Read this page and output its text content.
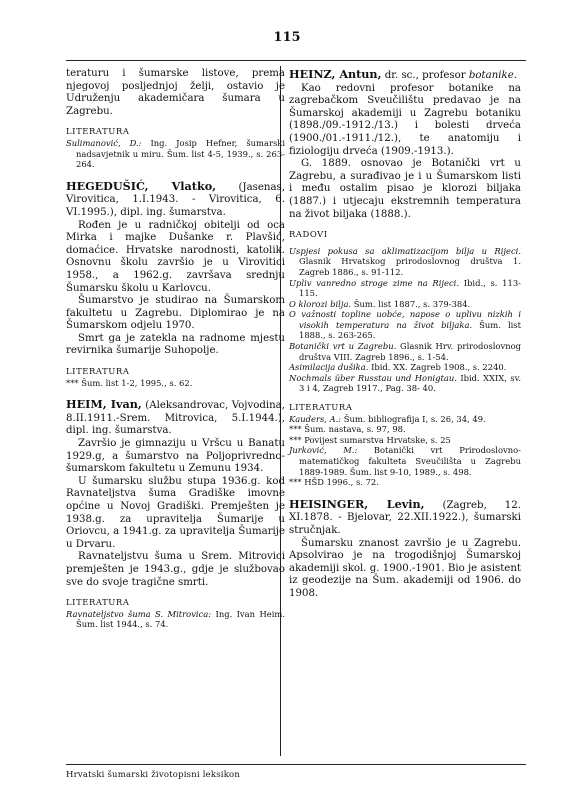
115

teraturu i šumarske listove, prema njegovoj posljednjoj želji, ostavio je Udruženju akademičara šumara u Zagrebu.

LITERATURA

Sulimanović, D.: Ing. Josip Hefner, šumarski nadsavjetnik u miru. Šum. list 4-5, 1939., s. 263-264.

HEGEDUŠIĆ, Vlatko, (Jasenas, Virovitica, 1.I.1943. - Virovitica, 6. VI.1995.), dipl. ing. šumarstva.

Rođen je u radničkoj obitelji od oca Mirka i majke Dušanke r. Plavšić, domaćice. Hrvatske narodnosti, katolik. Osnovnu školu završio je u Virovitici 1958., a 1962.g. završava srednju Šumarsku školu u Karlovcu.

Šumarstvo je studirao na Šumarskom fakultetu u Zagrebu. Diplomirao je na Šumarskom odjelu 1970.

Smrt ga je zatekla na radnome mjestu revirnika šumarije Suhopolje.

LITERATURA

*** Šum. list 1-2, 1995., s. 62.

HEIM, Ivan, (Aleksandrovac, Vojvodina, 8.II.1911.-Srem. Mitrovica, 5.I.1944.), dipl. ing. šumarstva.

Završio je gimnaziju u Vršcu u Banatu 1929.g, a šumarstvo na Poljoprivredno-šumarskom fakultetu u Zemunu 1934.

U šumarsku službu stupa 1936.g. kod Ravnateljstva šuma Gradiške imovne općine u Novoj Gradiški. Premješten je 1938.g. za upravitelja Šumarije u Oriovcu, a 1941.g. za upravitelja Šumarije u Drvaru.

Ravnateljstvu šuma u Srem. Mitrovici premješten je 1943.g., gdje je službovao sve do svoje tragične smrti.

LITERATURA

Ravnateljstvo šuma S. Mitrovica: Ing. Ivan Heim. Šum. list 1944., s. 74.

HEINZ, Antun, dr. sc., profesor botanike.

Kao redovni profesor botanike na zagrebačkom Sveučilištu predavao je na Šumarskoj akademiji u Zagrebu botaniku (1898./09.-1912./13.) i bolesti drveća (1900./01.-1911./12.), te anatomiju i fiziologiju drveća (1909.-1913.).

G. 1889. osnovao je Botanički vrt u Zagrebu, a surađivao je i u Šumarskom listi i među ostalim pisao je klorozi biljaka (1887.) i utjecaju ekstremnih temperatura na život biljaka (1888.).

RADOVI

Uspjesi pokusa sa aklimatizacijom bilja u Rijeci. Glasnik Hrvatskog prirodoslovnog društva 1. Zagreb 1886., s. 91-112.

Upliv vanredno stroge zime na Rijeci. Ibid., s. 113-115.

O klorozi bilja. Šum. list 1887., s. 379-384.

O važnosti topline uobće, napose o uplivu nizkih i visokih temperatura na život biljaka. Šum. list 1888., s. 263-265.

Botanički vrt u Zagrebu. Glasnik Hrv. prirodoslovnog društva VIII. Zagreb 1896., s. 1-54.

Asimilacija dušika. Ibid. XX. Zagreb 1908., s. 2240.

Nochmals über Russtau und Honigtau. Ibid. XXIX, sv. 3 i 4, Zagreb 1917., Pag. 38- 40.

LITERATURA

Kauders, A.: Šum. bibliografija I, s. 26, 34, 49.

*** Šum. nastava, s. 97, 98.

*** Povijest sumarstva Hrvatske, s. 25

Jurković, M.: Botanički vrt Prirodoslovno-matematičkog fakulteta Sveučilišta u Zagrebu 1889-1989. Šum. list 9-10, 1989., s. 498.

*** HŠD 1996., s. 72.

HEISINGER, Levin, (Zagreb, 12. XI.1878. - Bjelovar, 22.XII.1922.), šumarski stručnjak.

Šumarsku znanost završio je u Zagrebu. Apsolvirao je na trogodišnjoj Šumarskoj akademiji skol. g. 1900.-1901. Bio je asistent iz geodezije na Šum. akademiji od 1906. do 1908.

Hrvatski šumarski životopisni leksikon
